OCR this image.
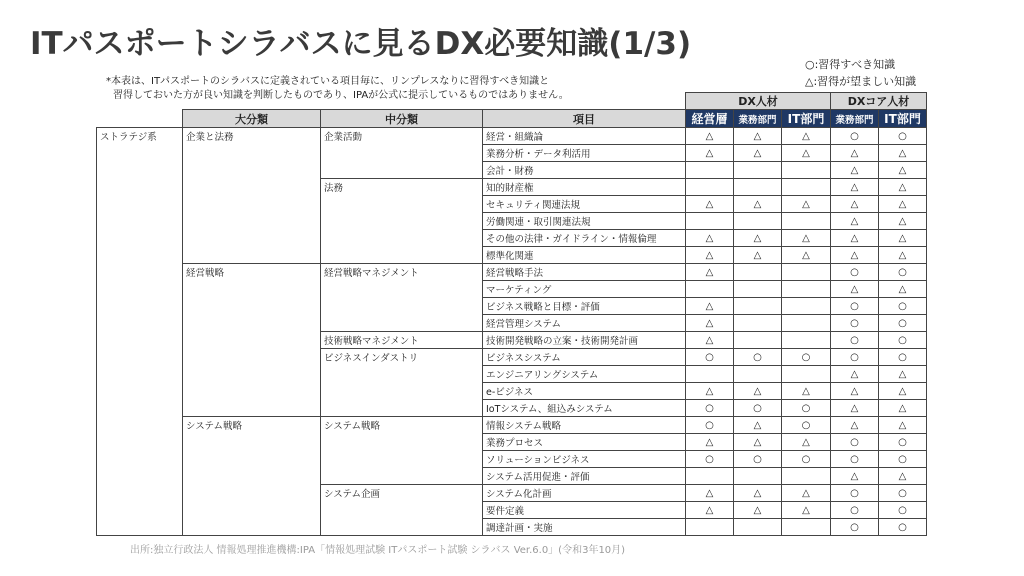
ITパスポートシラバスに見るDX必要知識(1/3)
○:習得すべき知識
△:習得が望ましい知識
*本表は、ITパスポートのシラバスに定義されている項目毎に、リンプレスなりに習得すべき知識と
習得しておいた方が良い知識を判断したものであり、IPAが公式に提示しているものではありません。
				DX人材			DXコア人材	
	大分類	中分類	項目	経営層	業務部門	IT部門	業務部門	IT部門
ストラテジ系	企業と法務	企業活動	経営・組織論	△	△	△	○	○
			業務分析・データ利活用	△	△	△	△	△
			会計・財務				△	△
		法務	知的財産権				△	△
			セキュリティ関連法規	△	△	△	△	△
			労働関連・取引関連法規				△	△
			その他の法律・ガイドライン・情報倫理	△	△	△	△	△
			標準化関連	△	△	△	△	△
	経営戦略	経営戦略マネジメント	経営戦略手法	△			○	○
			マーケティング				△	△
			ビジネス戦略と目標・評価	△			○	○
			経営管理システム	△			○	○
		技術戦略マネジメント	技術開発戦略の立案・技術開発計画	△			○	○
		ビジネスインダストリ	ビジネスシステム	○	○	○	○	○
			エンジニアリングシステム				△	△
			e-ビジネス	△	△	△	△	△
			IoTシステム、組込みシステム	○	○	○	△	△
	システム戦略	システム戦略	情報システム戦略	○	△	○	△	△
			業務プロセス	△	△	△	○	○
			ソリューションビジネス	○	○	○	○	○
			システム活用促進・評価				△	△
		システム企画	システム化計画	△	△	△	○	○
			要件定義	△	△	△	○	○
			調達計画・実施				○	○
出所:独立行政法人 情報処理推進機構:IPA「情報処理試験 ITパスポート試験 シラバス Ver.6.0」(令和3年10月)
